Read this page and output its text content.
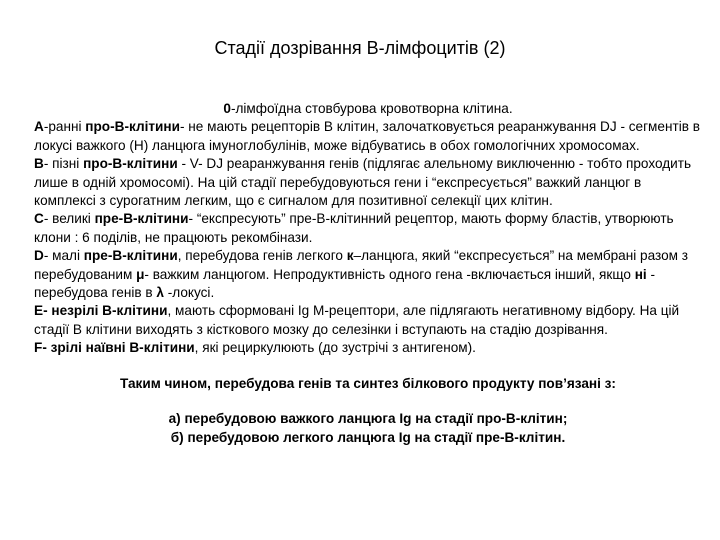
Стадії дозрівання В-лімфоцитів (2)

0-лімфоїдна стовбурова кровотворна клітина.

А-ранні про-В-клітини- не мають рецепторів В клітин, залочатковується реаранжування DJ - сегментів в локусі важкого (Н) ланцюга імуноглобулінів, може відбуватись в обох гомологічних хромосомах.

В- пізні про-В-клітини - V- DJ реаранжування генів (підлягає алельному виключенню - тобто проходить лише в одній хромосомі). На цій стадії перебудовуються гени і “експресується” важкий ланцюг в комплексі з сурогатним легким, що є сигналом для позитивної селекції цих клітин.

С- великі пре-В-клітини- “експресують” пре-В-клітинний рецептор, мають форму бластів, утворюють клони : 6 поділів, не працюють рекомбінази.

D- малі пре-В-клітини, перебудова генів легкого к–ланцюга, який “експресується” на мембрані разом з перебудованим μ- важким ланцюгом. Непродуктивність одного гена -включається інший, якщо ні - перебудова генів в λ -локусі.

Е- незрілі В-клітини, мають сформовані Ig М-рецептори, але підлягають негативному відбору. На цій стадії В клітини виходять з кісткового мозку до селезінки і вступають на стадію дозрівання.

F- зрілі наївні В-клітини, які рециркулюють (до зустрічі з антигеном).

Таким чином, перебудова генів та синтез білкового продукту пов’язані з:

а) перебудовою важкого ланцюга Ig на стадії про-В-клітин;

б) перебудовою легкого ланцюга Ig на стадії пре-В-клітин.
